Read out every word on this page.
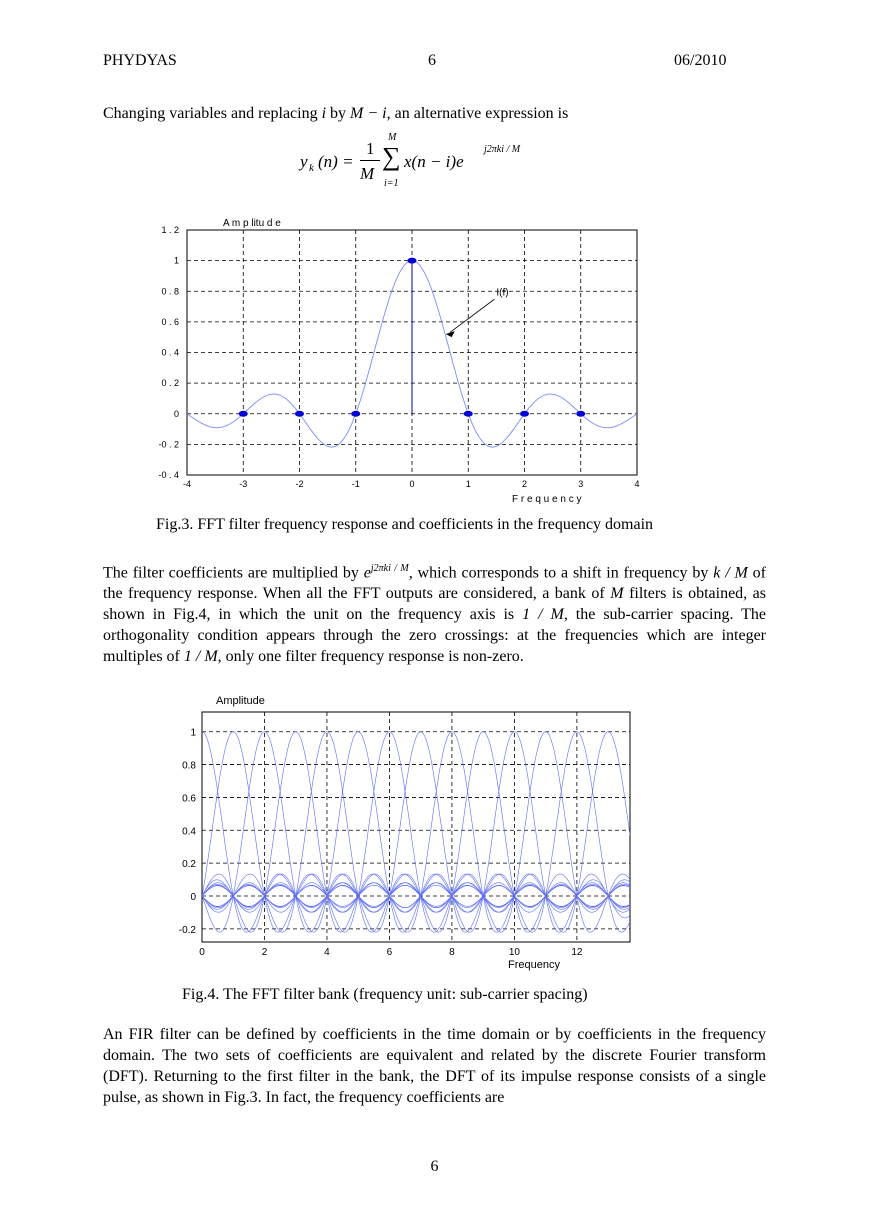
PHYDYAS	6	06/2010

Changing variables and replacing i by M − i, an alternative expression is

y k (n) =
1
M
M
∑
i=1
x(n − i)e
j2πki / M
-4	-3	-2	-1	0	1	2	3	4
-0 . 4
-0 . 2
0
0 . 2
0 . 4
0 . 6
0 . 8
1
1 . 2
A m p litu d e
F r e q u e n c y
I(f)
Fig.3. FFT filter frequency response and coefficients in the frequency domain

The filter coefficients are multiplied by $e^{j2\pi ki / M}$, which corresponds to a shift in frequency by k / M of the frequency response. When all the FFT outputs are considered, a bank of M filters is obtained, as shown in Fig.4, in which the unit on the frequency axis is 1 / M, the sub-carrier spacing. The orthogonality condition appears through the zero crossings: at the frequencies which are integer multiples of 1 / M, only one filter frequency response is non-zero.

0	2	4	6	8	10	12
-0.2
0
0.2
0.4
0.6
0.8
1
Amplitude
Frequency
Fig.4. The FFT filter bank (frequency unit: sub-carrier spacing)

An FIR filter can be defined by coefficients in the time domain or by coefficients in the frequency domain. The two sets of coefficients are equivalent and related by the discrete Fourier transform (DFT). Returning to the first filter in the bank, the DFT of its impulse response consists of a single pulse, as shown in Fig.3. In fact, the frequency coefficients are

6
